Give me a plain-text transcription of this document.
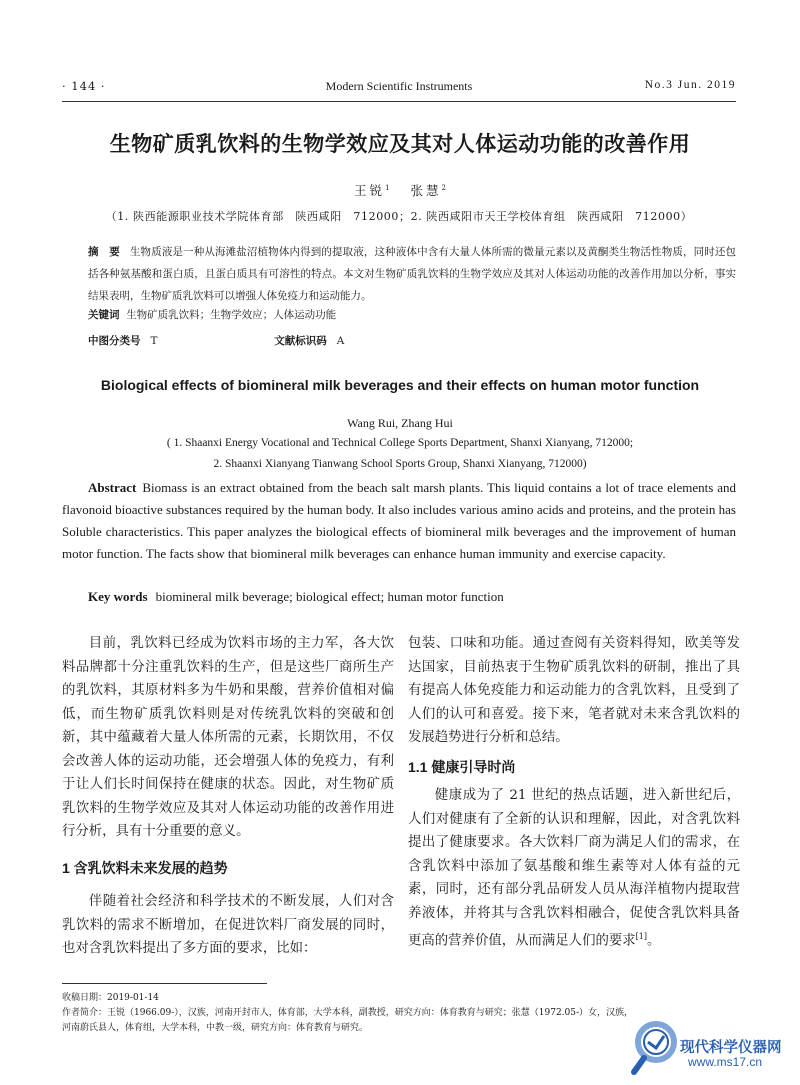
· 144 ·	Modern Scientific Instruments	No.3 Jun. 2019
生物矿质乳饮料的生物学效应及其对人体运动功能的改善作用
王锐$^1$ 张慧$^2$
（1. 陕西能源职业技术学院体育部　陕西咸阳　712000；2. 陕西咸阳市天王学校体育组　陕西咸阳　712000）
摘　要 生物质液是一种从海滩盐沼植物体内得到的提取液，这种液体中含有大量人体所需的微量元素以及黄酮类生物活性物质，同时还包括各种氨基酸和蛋白质，且蛋白质具有可溶性的特点。本文对生物矿质乳饮料的生物学效应及其对人体运动功能的改善作用加以分析，事实结果表明，生物矿质乳饮料可以增强人体免疫力和运动能力。
关键词 生物矿质乳饮料；生物学效应；人体运动功能
中图分类号 T	文献标识码 A
Biological effects of biomineral milk beverages and their effects on human motor function
Wang Rui, Zhang Hui
( 1. Shaanxi Energy Vocational and Technical College Sports Department, Shanxi Xianyang, 712000;
2. Shaanxi Xianyang Tianwang School Sports Group, Shanxi Xianyang, 712000)
Abstract Biomass is an extract obtained from the beach salt marsh plants. This liquid contains a lot of trace elements and flavonoid bioactive substances required by the human body. It also includes various amino acids and proteins, and the protein has Soluble characteristics. This paper analyzes the biological effects of biomineral milk beverages and the improvement of human motor function. The facts show that biomineral milk beverages can enhance human immunity and exercise capacity.
Key words biomineral milk beverage; biological effect; human motor function

目前，乳饮料已经成为饮料市场的主力军，各大饮料品牌都十分注重乳饮料的生产，但是这些厂商所生产的乳饮料，其原材料多为牛奶和果酸，营养价值相对偏低，而生物矿质乳饮料则是对传统乳饮料的突破和创新，其中蕴藏着大量人体所需的元素，长期饮用，不仅会改善人体的运动功能，还会增强人体的免疫力，有利于让人们长时间保持在健康的状态。因此，对生物矿质乳饮料的生物学效应及其对人体运动功能的改善作用进行分析，具有十分重要的意义。

1 含乳饮料未来发展的趋势

伴随着社会经济和科学技术的不断发展，人们对含乳饮料的需求不断增加，在促进饮料厂商发展的同时，也对含乳饮料提出了多方面的要求，比如：

包装、口味和功能。通过查阅有关资料得知，欧美等发达国家，目前热衷于生物矿质乳饮料的研制，推出了具有提高人体免疫能力和运动能力的含乳饮料，且受到了人们的认可和喜爱。接下来，笔者就对未来含乳饮料的发展趋势进行分析和总结。

1.1 健康引导时尚

健康成为了 21 世纪的热点话题，进入新世纪后，人们对健康有了全新的认识和理解，因此，对含乳饮料提出了健康要求。各大饮料厂商为满足人们的需求，在含乳饮料中添加了氨基酸和维生素等对人体有益的元素，同时，还有部分乳品研发人员从海洋植物内提取营养液体，并将其与含乳饮料相融合，促使含乳饮料具备更高的营养价值，从而满足人们的要求[1]。

收稿日期：2019-01-14
作者简介：王锐（1966.09-），汉族，河南开封市人，体育部，大学本科，副教授，研究方向：体育教育与研究；张慧（1972.05-）女，汉族，
河南蔚氏县人，体育组，大学本科，中教一级，研究方向：体育教育与研究。
现代科学仪器网
www.ms17.cn
